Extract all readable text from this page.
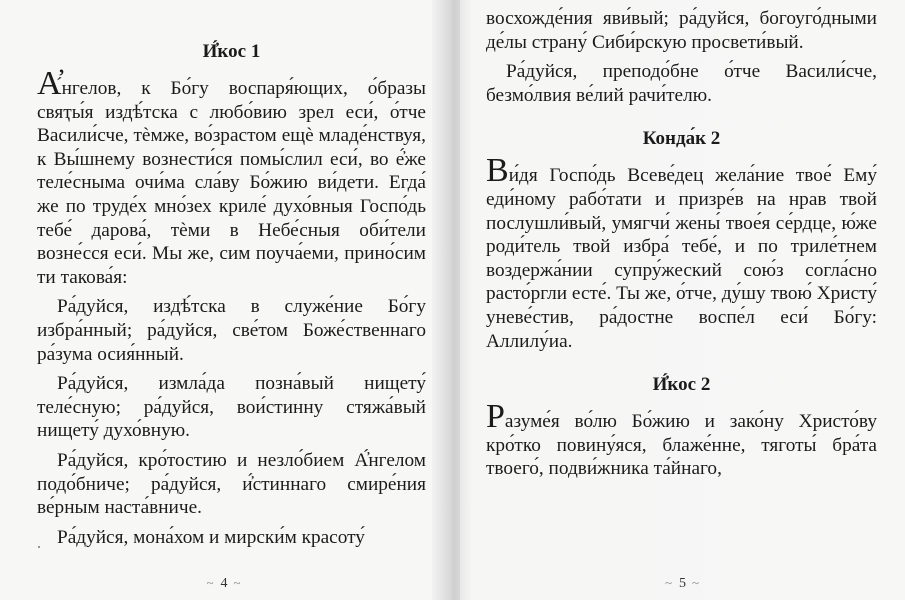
И҆́кос 1

А҆́нгелов, к Бо́гу воспаря́ющих, о́бразы свяҭы́я издѣ́тска с любо́вию зрел еси́, о́тче Васили́сче, тѐмже, во́зрастом ещѐ младе́нствуя, к Вы́шнему вознести́ся помы́слил еси́, во е҆́же теле́сныма очи́ма сла́ву Бо́жию ви́дети. Егда́ же по труде́х мно́зех криле́ духо́вныя Госпо́дь тебе́ дарова́, тѐми в Небе́сныя оби́тели возне́сся еси́. Мы же, сим поуча́еми, прино́сим ти такова́я:

Ра́дуйся, издѣ́тска в служе́ние Бо́гу избра́нный; ра́дуйся, све́том Боже́ственнаго ра́зума осия́нный.

Ра́дуйся, измла́да позна́вый нищету́ теле́сную; ра́дуйся, вои́стинну стяжа́вый нищету́ духо́вную.

Ра́дуйся, кро́тостию и незло́бием А҆́нгелом подо́бниче; ра́дуйся, и҆́стиннаго смире́ния ве́рным наста́вниче.

Ра́дуйся, мона́хом и мирски́м красоту́

~ 4 ~

восхожде́ния яви́вый; ра́дуйся, богоуго́дными де́лы страну́ Сиби́рскую просвети́вый.

Ра́дуйся, преподо́бне о́тче Васили́сче, безмо́лвия ве́лий рачи́телю.

Конда́к 2

Ви́дя Госпо́дь Всеве́дец жела́ние твое́ Ему́ еди́ному рабо́тати и призре́в на нрав твой послушли́вый, умягчи́ жены́ твое́я се́рдце, ю́же роди́тель твой избра́ тебе́, и по триле́тнем воздержа́нии супру́жеский сою́з согла́сно расто́ргли есте́. Ты же, о́тче, ду́шу твою́ Христу́ уневе́стив, ра́достне воспе́л еси́ Бо́гу: Аллилу́иа.

И҆́кос 2

Разуме́я во́лю Бо́жию и зако́ну Христо́ву кро́тко повину́яся, блаже́нне, тяготы́ бра́та твоего́, подви́жника та́йнаго,

~ 5 ~
